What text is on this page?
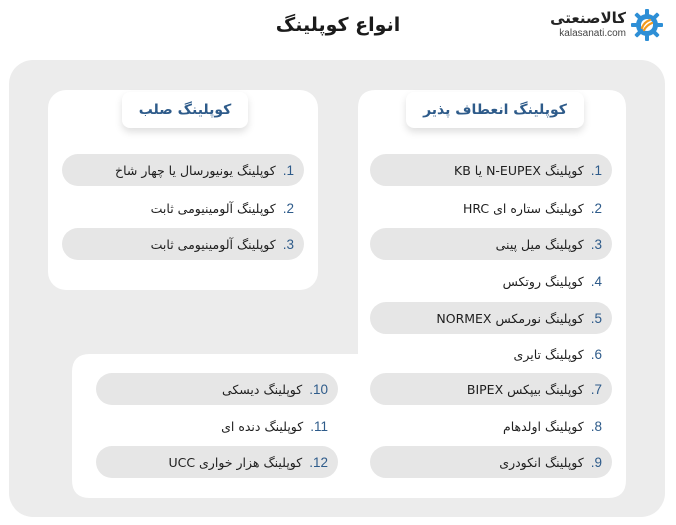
انواع کوپلینگ	کالاصنعتی
kalasanati.com
کوپلینگ انعطاف پذیر
کوپلینگ صلب
1.
کوپلینگ N-EUPEX یا KB
2.
کوپلینگ ستاره ای HRC
3.
کوپلینگ میل پینی
4.
کوپلینگ روتکس
5.
کوپلینگ نورمکس NORMEX
6.
کوپلینگ تایری
7.
کوپلینگ بیپکس BIPEX
8.
کوپلینگ اولدهام
9.
کوپلینگ انکودری
1.
کوپلینگ یونیورسال یا چهار شاخ
2.
کوپلینگ آلومینیومی ثابت
3.
کوپلینگ آلومینیومی ثابت
10.
کوپلینگ دیسکی
11.
کوپلینگ دنده ای
12.
کوپلینگ هزار خواری UCC
